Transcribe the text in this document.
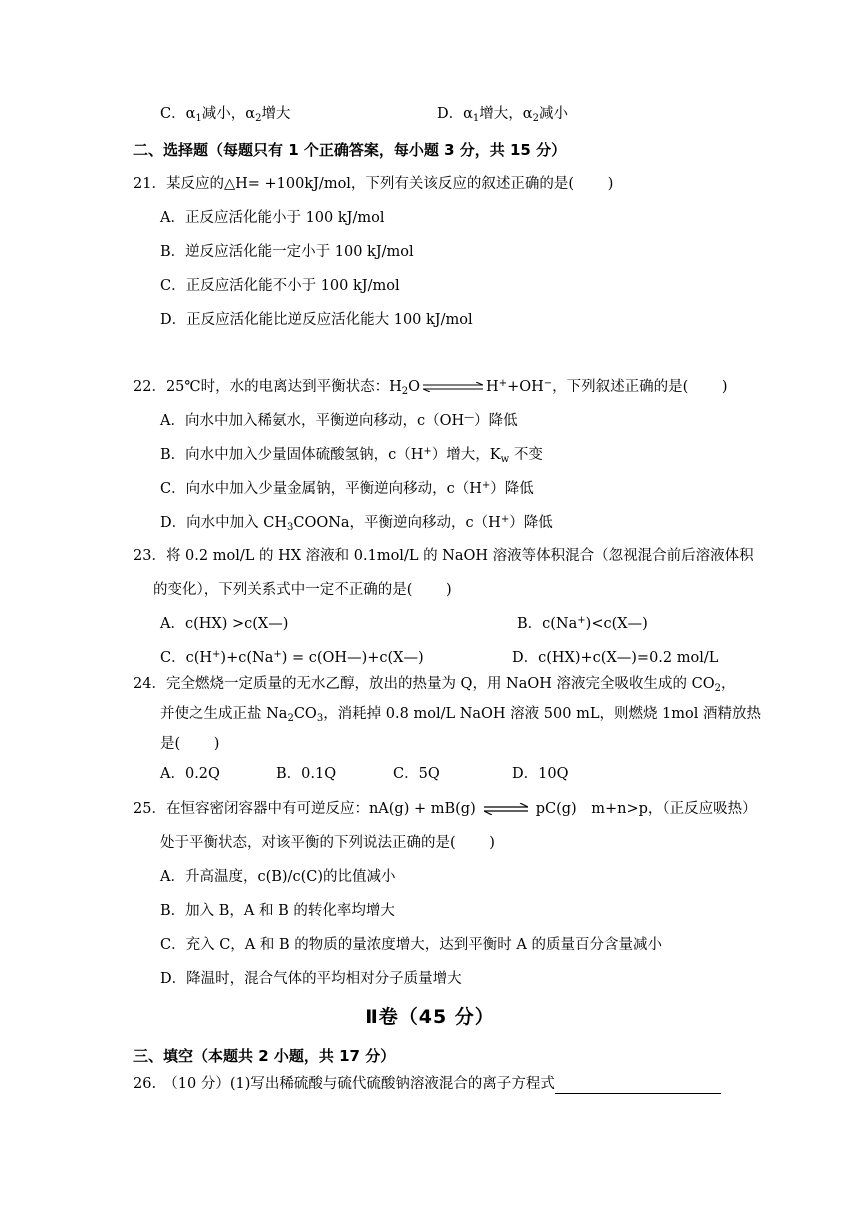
C．$\alpha_1$减小，$\alpha_2$增大	D．$\alpha_1$增大，$\alpha_2$减小
二、选择题（每题只有 1 个正确答案，每小题 3 分，共 15 分）
21．某反应的△H= +100kJ/mol，下列有关该反应的叙述正确的是(　　 )
A．正反应活化能小于 100 kJ/mol
B．逆反应活化能一定小于 100 kJ/mol
C．正反应活化能不小于 100 kJ/mol
D．正反应活化能比逆反应活化能大 100 kJ/mol
22．25℃时，水的电离达到平衡状态：$H_2O$	H++OH−，下列叙述正确的是(　　 )
A．向水中加入稀氨水，平衡逆向移动，c（OH—）降低
B．向水中加入少量固体硫酸氢钠，c（H+）增大，$K_w$ 不变
C．向水中加入少量金属钠，平衡逆向移动，c（H+）降低
D．向水中加入 $CH_3COONa$，平衡逆向移动，c（H+）降低
23．将 0.2 mol/L 的 HX 溶液和 0.1mol/L 的 NaOH 溶液等体积混合（忽视混合前后溶液体积
的变化），下列关系式中一定不正确的是(　　 )
A．c(HX) >c(X—)	B．c(Na+)<c(X—)
C．c(H+)+c(Na+) = c(OH—)+c(X—)	D．c(HX)+c(X—)=0.2 mol/L
24．完全燃烧一定质量的无水乙醇，放出的热量为 Q，用 NaOH 溶液完全吸收生成的 $CO_2$，
并使之生成正盐 $Na_2CO_3$，消耗掉 0.8 mol/L NaOH 溶液 500 mL，则燃烧 1mol 酒精放热
是(　　 )
A．0.2Q	B．0.1Q	C．5Q	D．10Q
25．在恒容密闭容器中有可逆反应：nA(g) + mB(g) ⇌ pC(g)　m+n>p，（正反应吸热）
处于平衡状态，对该平衡的下列说法正确的是(　　 )
A．升高温度，c(B)/c(C)的比值减小
B．加入 B，A 和 B 的转化率均增大
C．充入 C，A 和 B 的物质的量浓度增大，达到平衡时 A 的质量百分含量减小
D．降温时，混合气体的平均相对分子质量增大
Ⅱ卷（45 分）
三、填空（本题共 2 小题，共 17 分）
26.　（10 分）(1)写出稀硫酸与硫代硫酸钠溶液混合的离子方程式
